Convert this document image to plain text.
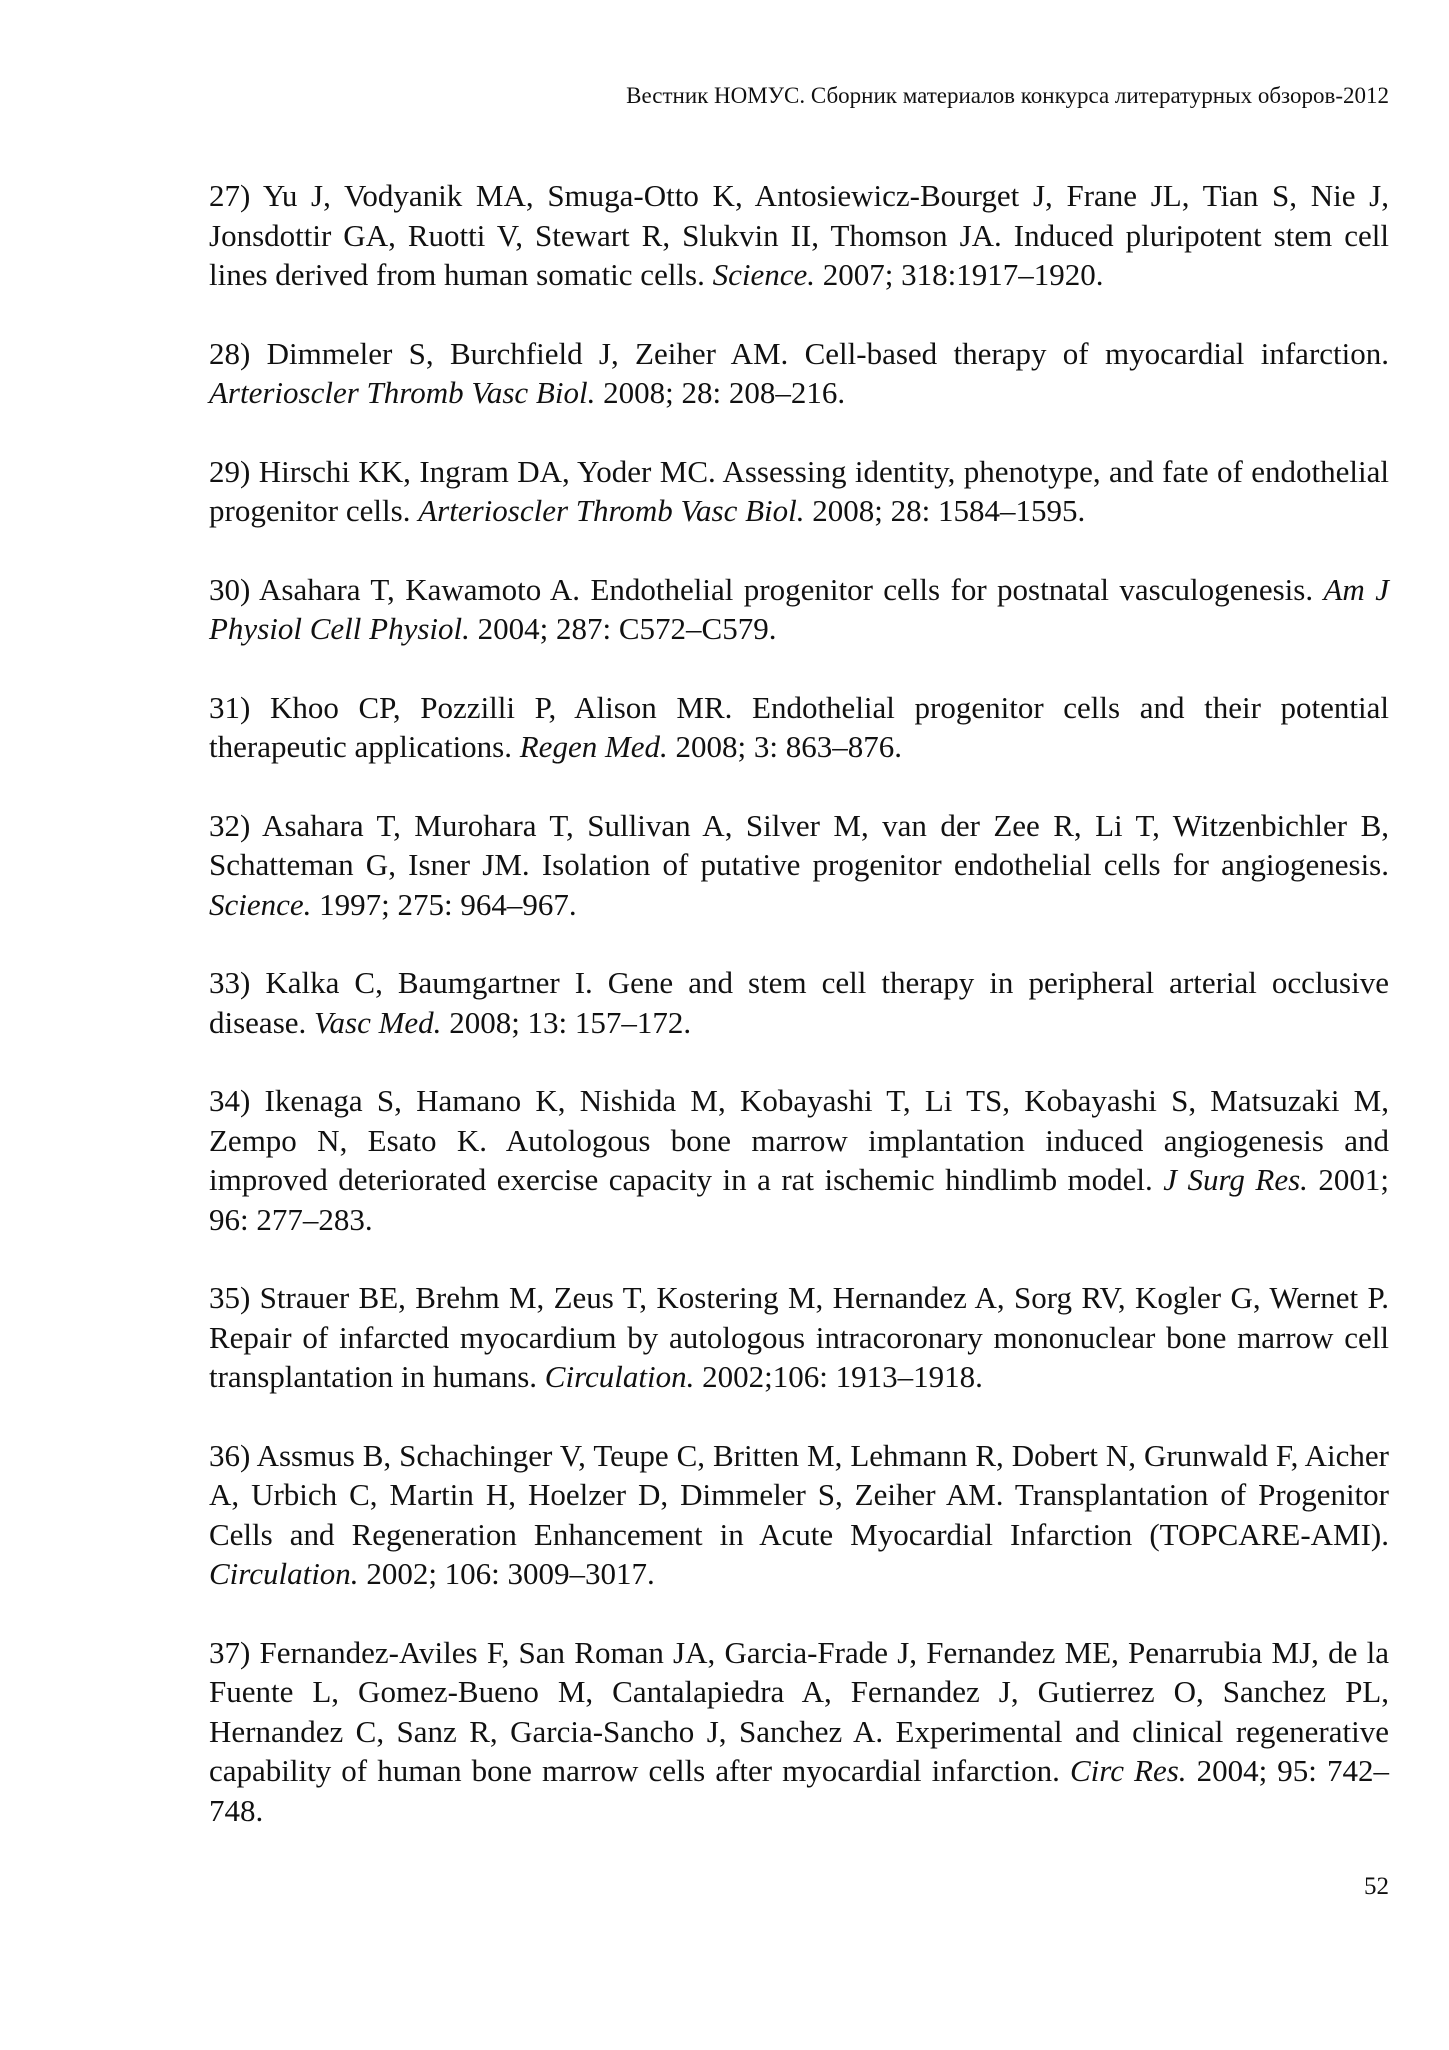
Вестник НОМУС. Сборник материалов конкурса литературных обзоров-2012

27) Yu J, Vodyanik MA, Smuga-Otto K, Antosiewicz-Bourget J, Frane JL, Tian S, Nie J, Jonsdottir GA, Ruotti V, Stewart R, Slukvin II, Thomson JA. Induced pluripotent stem cell lines derived from human somatic cells. Science. 2007; 318:1917–1920.

28) Dimmeler S, Burchfield J, Zeiher AM. Cell-based therapy of myocardial infarction. Arterioscler Thromb Vasc Biol. 2008; 28: 208–216.

29) Hirschi KK, Ingram DA, Yoder MC. Assessing identity, phenotype, and fate of endothelial progenitor cells. Arterioscler Thromb Vasc Biol. 2008; 28: 1584–1595.

30) Asahara T, Kawamoto A. Endothelial progenitor cells for postnatal vasculogenesis. Am J Physiol Cell Physiol. 2004; 287: C572–C579.

31) Khoo CP, Pozzilli P, Alison MR. Endothelial progenitor cells and their potential therapeutic applications. Regen Med. 2008; 3: 863–876.

32) Asahara T, Murohara T, Sullivan A, Silver M, van der Zee R, Li T, Witzenbichler B, Schatteman G, Isner JM. Isolation of putative progenitor endothelial cells for angiogenesis. Science. 1997; 275: 964–967.

33) Kalka C, Baumgartner I. Gene and stem cell therapy in peripheral arterial occlusive disease. Vasc Med. 2008; 13: 157–172.

34) Ikenaga S, Hamano K, Nishida M, Kobayashi T, Li TS, Kobayashi S, Matsuzaki M, Zempo N, Esato K. Autologous bone marrow implantation induced angiogenesis and improved deteriorated exercise capacity in a rat ischemic hindlimb model. J Surg Res. 2001; 96: 277–283.

35) Strauer BE, Brehm M, Zeus T, Kostering M, Hernandez A, Sorg RV, Kogler G, Wernet P. Repair of infarcted myocardium by autologous intracoronary mononuclear bone marrow cell transplantation in humans. Circulation. 2002;106: 1913–1918.

36) Assmus B, Schachinger V, Teupe C, Britten M, Lehmann R, Dobert N, Grunwald F, Aicher A, Urbich C, Martin H, Hoelzer D, Dimmeler S, Zeiher AM. Transplantation of Progenitor Cells and Regeneration Enhancement in Acute Myocardial Infarction (TOPCARE-AMI). Circulation. 2002; 106: 3009–3017.

37) Fernandez-Aviles F, San Roman JA, Garcia-Frade J, Fernandez ME, Penarrubia MJ, de la Fuente L, Gomez-Bueno M, Cantalapiedra A, Fernandez J, Gutierrez O, Sanchez PL, Hernandez C, Sanz R, Garcia-Sancho J, Sanchez A. Experimental and clinical regenerative capability of human bone marrow cells after myocardial infarction. Circ Res. 2004; 95: 742–748.

52
